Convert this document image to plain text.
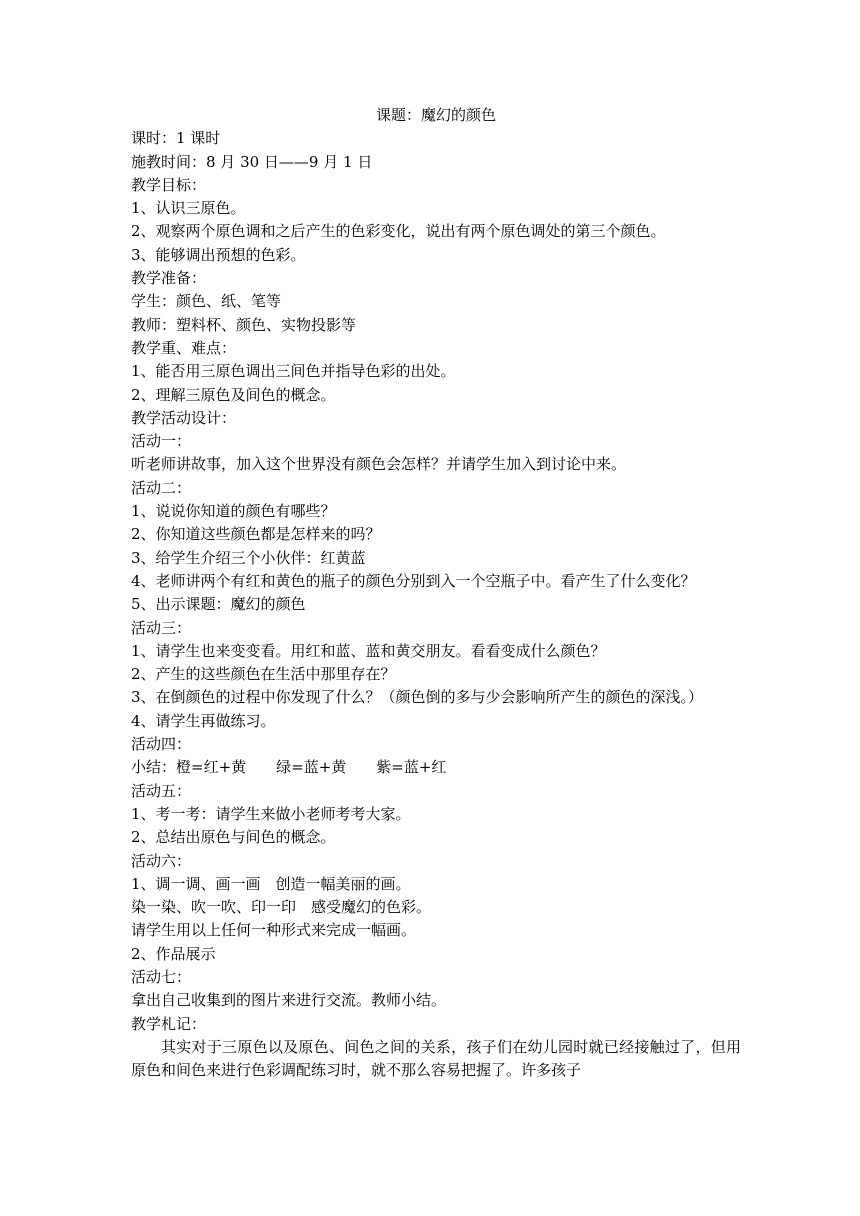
课题：魔幻的颜色
课时：1 课时
施教时间：8 月 30 日——9 月 1 日
教学目标：
1、认识三原色。
2、观察两个原色调和之后产生的色彩变化，说出有两个原色调处的第三个颜色。
3、能够调出预想的色彩。
教学准备：
学生：颜色、纸、笔等
教师：塑料杯、颜色、实物投影等
教学重、难点：
1、能否用三原色调出三间色并指导色彩的出处。
2、理解三原色及间色的概念。
教学活动设计：
活动一：
听老师讲故事，加入这个世界没有颜色会怎样？并请学生加入到讨论中来。
活动二：
1、说说你知道的颜色有哪些？
2、你知道这些颜色都是怎样来的吗？
3、给学生介绍三个小伙伴：红黄蓝
4、老师讲两个有红和黄色的瓶子的颜色分别到入一个空瓶子中。看产生了什么变化？
5、出示课题：魔幻的颜色
活动三：
1、请学生也来变变看。用红和蓝、蓝和黄交朋友。看看变成什么颜色？
2、产生的这些颜色在生活中那里存在？
3、在倒颜色的过程中你发现了什么？（颜色倒的多与少会影响所产生的颜色的深浅。）
4、请学生再做练习。
活动四：
小结：橙=红+黄 绿=蓝+黄 紫=蓝+红
活动五：
1、考一考：请学生来做小老师考考大家。
2、总结出原色与间色的概念。
活动六：
1、调一调、画一画 创造一幅美丽的画。
染一染、吹一吹、印一印 感受魔幻的色彩。
请学生用以上任何一种形式来完成一幅画。
2、作品展示
活动七：
拿出自己收集到的图片来进行交流。教师小结。
教学札记：
其实对于三原色以及原色、间色之间的关系，孩子们在幼儿园时就已经接触过了，但用原色和间色来进行色彩调配练习时，就不那么容易把握了。许多孩子
